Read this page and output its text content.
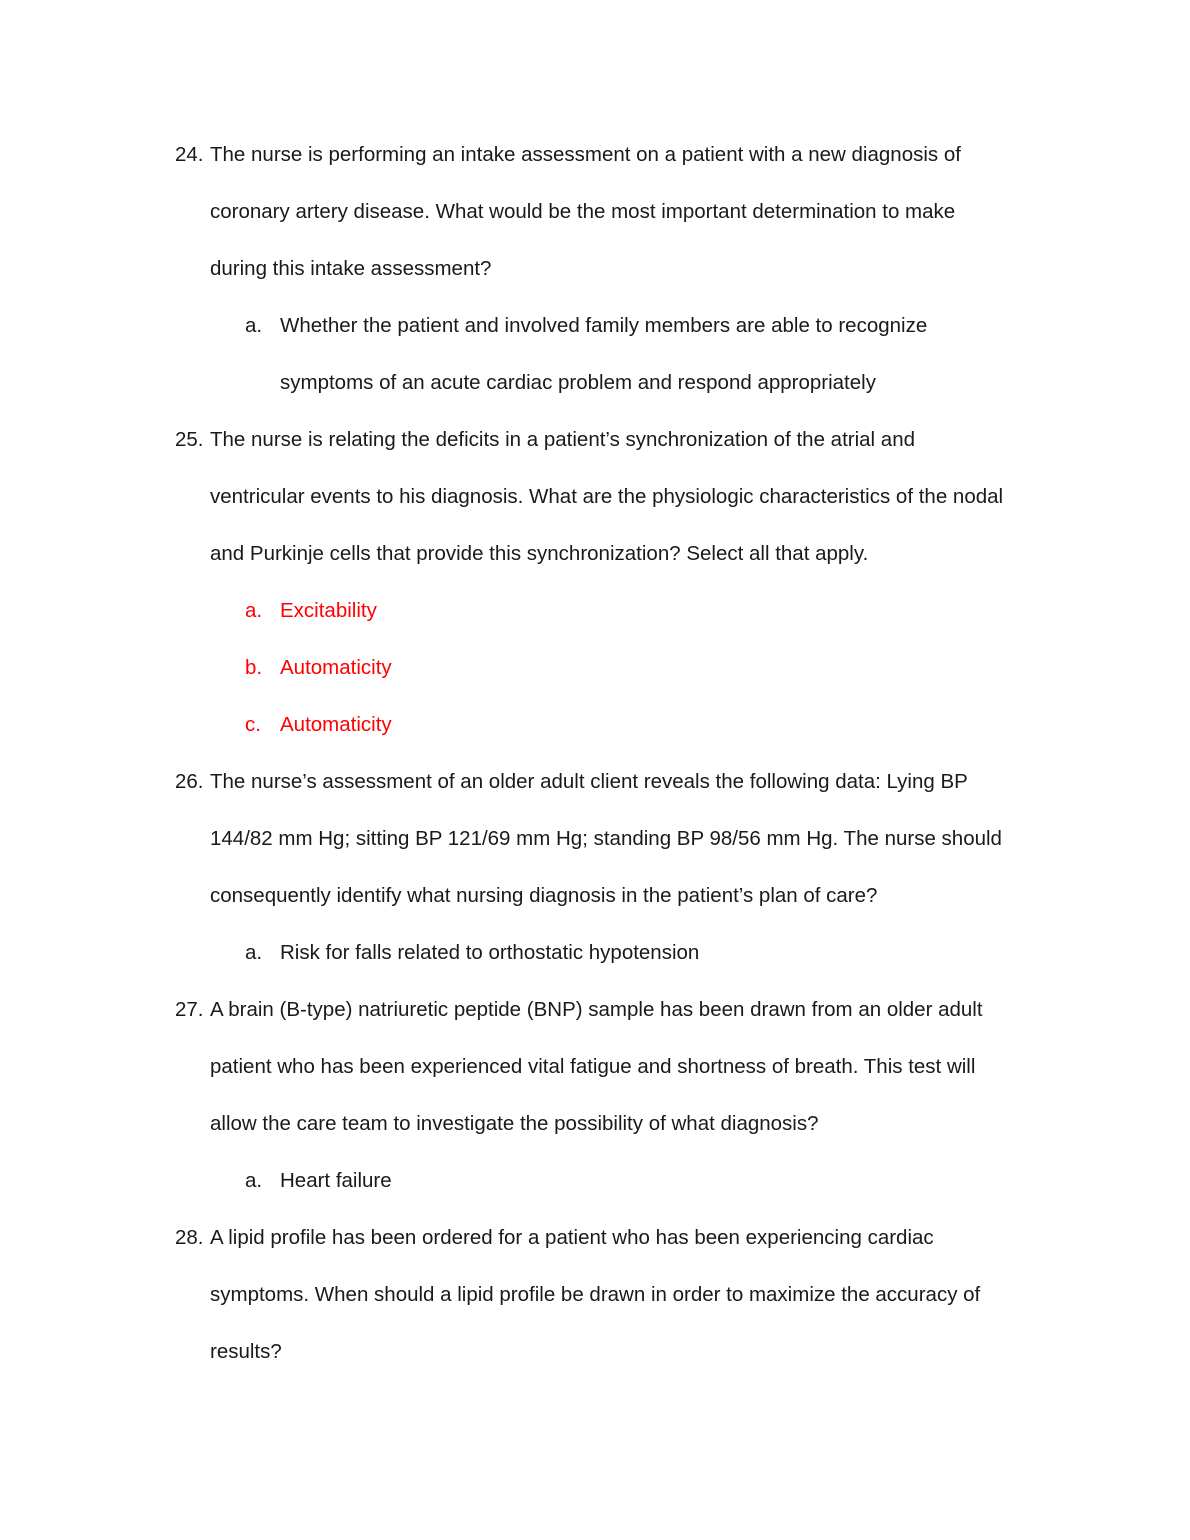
24. The nurse is performing an intake assessment on a patient with a new diagnosis of
coronary artery disease. What would be the most important determination to make
during this intake assessment?
a. Whether the patient and involved family members are able to recognize
symptoms of an acute cardiac problem and respond appropriately
25. The nurse is relating the deficits in a patient’s synchronization of the atrial and
ventricular events to his diagnosis. What are the physiologic characteristics of the nodal
and Purkinje cells that provide this synchronization? Select all that apply.
a. Excitability
b. Automaticity
c. Automaticity
26. The nurse’s assessment of an older adult client reveals the following data: Lying BP
144/82 mm Hg; sitting BP 121/69 mm Hg; standing BP 98/56 mm Hg. The nurse should
consequently identify what nursing diagnosis in the patient’s plan of care?
a. Risk for falls related to orthostatic hypotension
27. A brain (B-type) natriuretic peptide (BNP) sample has been drawn from an older adult
patient who has been experienced vital fatigue and shortness of breath. This test will
allow the care team to investigate the possibility of what diagnosis?
a. Heart failure
28. A lipid profile has been ordered for a patient who has been experiencing cardiac
symptoms. When should a lipid profile be drawn in order to maximize the accuracy of
results?
